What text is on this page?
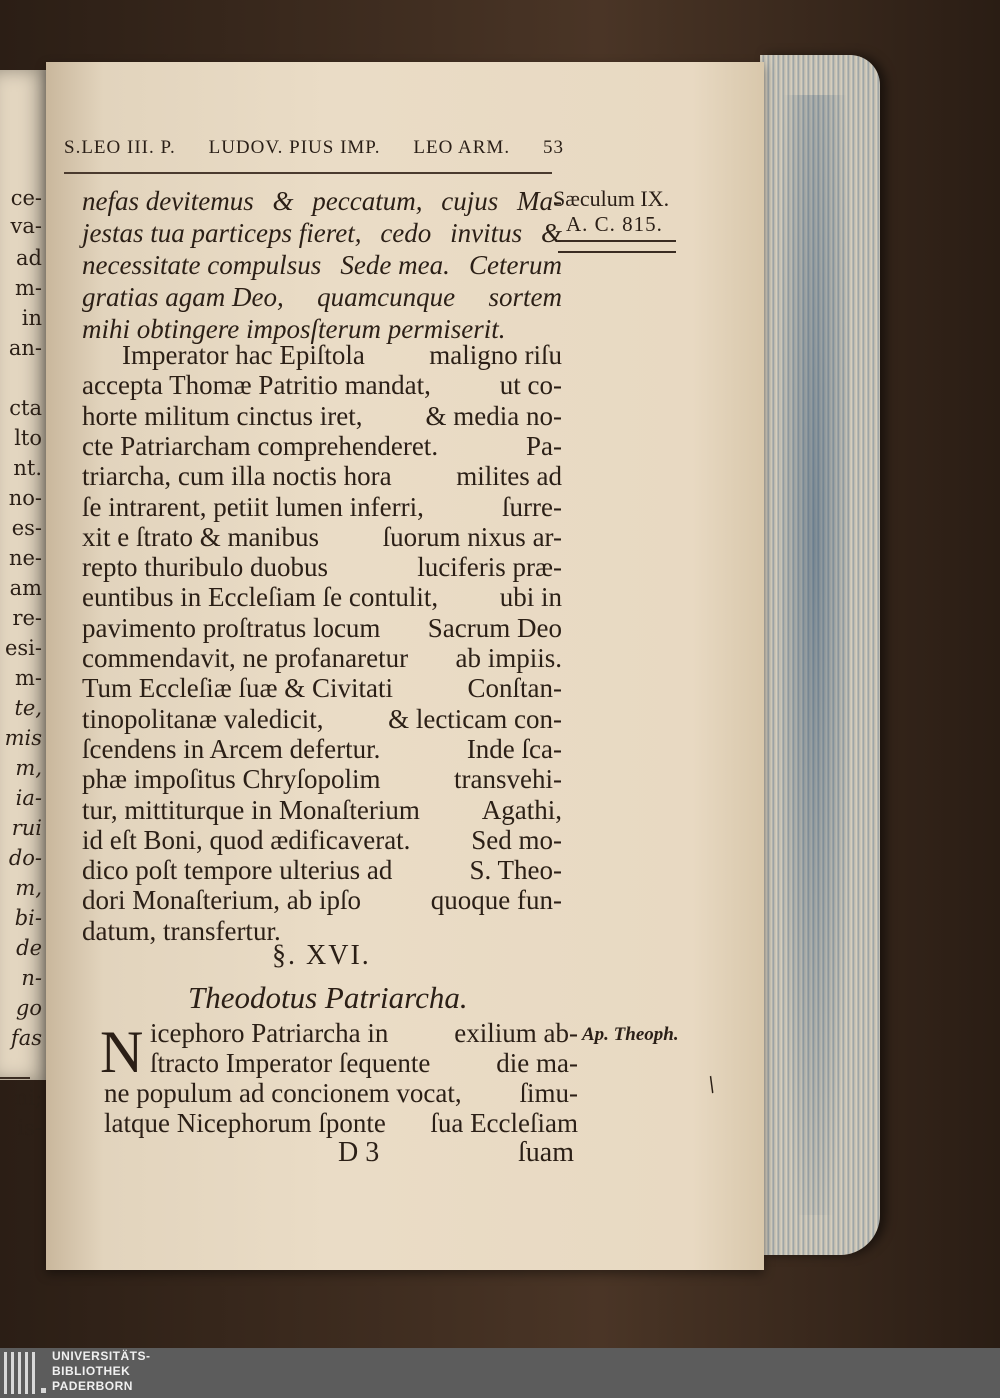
ce-
va-
ad
m-
in
an-
cta
lto
nt.
no-
es-
ne-
am
re-
esi-
m-
te,
mis
m,
ia-
rui
do-
m,
bi-
de
n-
go
fas
ni;
is-
S.LEO III. P. LUDOV. PIUS IMP. LEO ARM. 53
Sæculum IX.
A. C. 815.
Ap. Theoph.
nefas devitemus & peccatum, cujus Ma-
jestas tua particeps fieret, cedo invitus &
necessitate compulsus Sede mea. Ceterum
gratias agam Deo, quamcunque sortem
mihi obtingere imposſterum permiserit.
Imperator hac Epiſtola maligno riſu
accepta Thomæ Patritio mandat,	ut co-
horte militum cinctus iret, & media no-
cte Patriarcham comprehenderet.	Pa-
triarcha, cum illa noctis hora milites ad
ſe intrarent, petiit lumen inferri,	ſurre-
xit e ſtrato & manibus ſuorum nixus ar-
repto thuribulo duobus	luciferis præ-
euntibus in Eccleſiam ſe contulit, ubi in
pavimento proſtratus locum Sacrum Deo
commendavit, ne profanaretur ab impiis.
Tum Eccleſiæ ſuæ & Civitati	Conſtan-
tinopolitanæ valedicit, & lecticam con-
ſcendens in Arcem defertur.	Inde ſca-
phæ impoſitus Chryſopolim	transvehi-
tur, mittiturque in Monaſterium Agathi,
id eſt Boni, quod ædificaverat. Sed mo-
dico poſt tempore ulterius ad	S. Theo-
dori Monaſterium, ab ipſo	quoque fun-
datum, transfertur.
icephoro Patriarcha in exilium ab-
ſtracto Imperator ſequente die ma-
ne populum ad concionem vocat, ſimu-
latque Nicephorum ſponte ſua Eccleſiam
§. XVI.
Theodotus Patriarcha.
N
D 3	ſuam
/
UNIVERSITÄTS-
BIBLIOTHEK
PADERBORN
